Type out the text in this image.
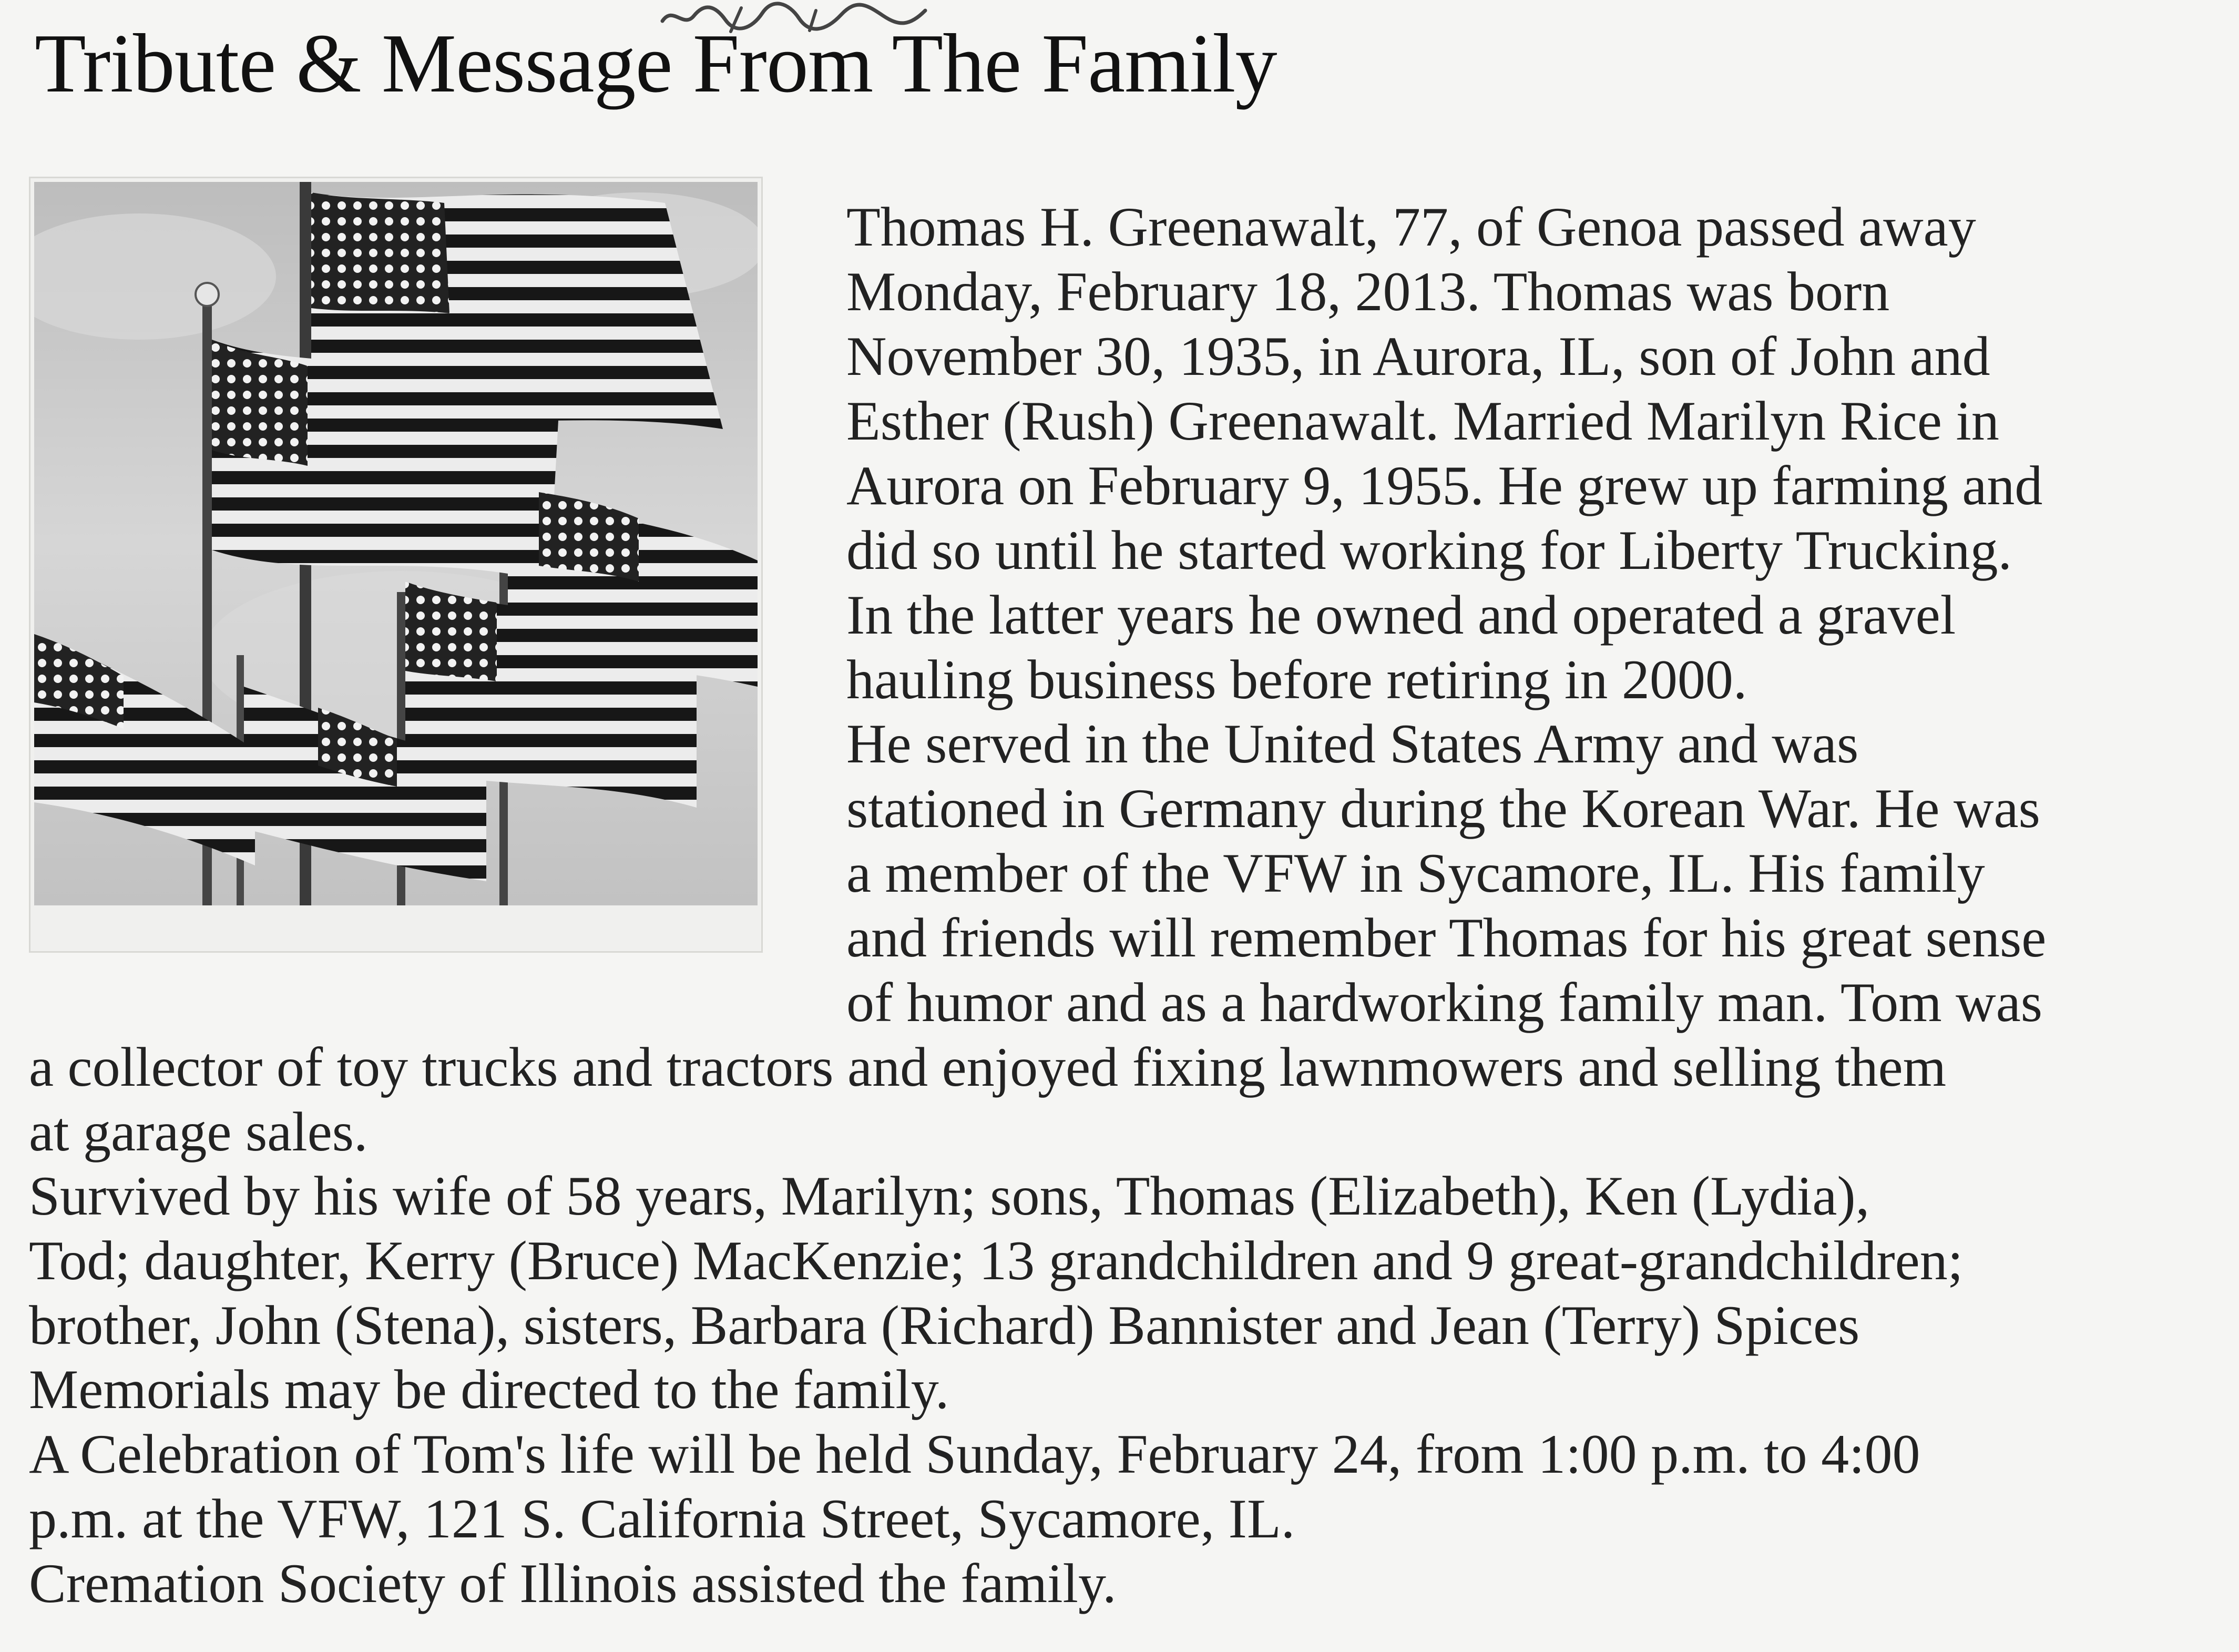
Tribute & Message From The Family
Thomas H. Greenawalt, 77, of Genoa passed away
Monday, February 18, 2013. Thomas was born
November 30, 1935, in Aurora, IL, son of John and
Esther (Rush) Greenawalt. Married Marilyn Rice in
Aurora on February 9, 1955. He grew up farming and
did so until he started working for Liberty Trucking.
In the latter years he owned and operated a gravel
hauling business before retiring in 2000.
He served in the United States Army and was
stationed in Germany during the Korean War. He was
a member of the VFW in Sycamore, IL. His family
and friends will remember Thomas for his great sense
of humor and as a hardworking family man. Tom was
a collector of toy trucks and tractors and enjoyed fixing lawnmowers and selling them
at garage sales.
Survived by his wife of 58 years, Marilyn; sons, Thomas (Elizabeth), Ken (Lydia),
Tod; daughter, Kerry (Bruce) MacKenzie; 13 grandchildren and 9 great-grandchildren;
brother, John (Stena), sisters, Barbara (Richard) Bannister and Jean (Terry) Spices
Memorials may be directed to the family.
A Celebration of Tom's life will be held Sunday, February 24, from 1:00 p.m. to 4:00
p.m. at the VFW, 121 S. California Street, Sycamore, IL.
Cremation Society of Illinois assisted the family.
